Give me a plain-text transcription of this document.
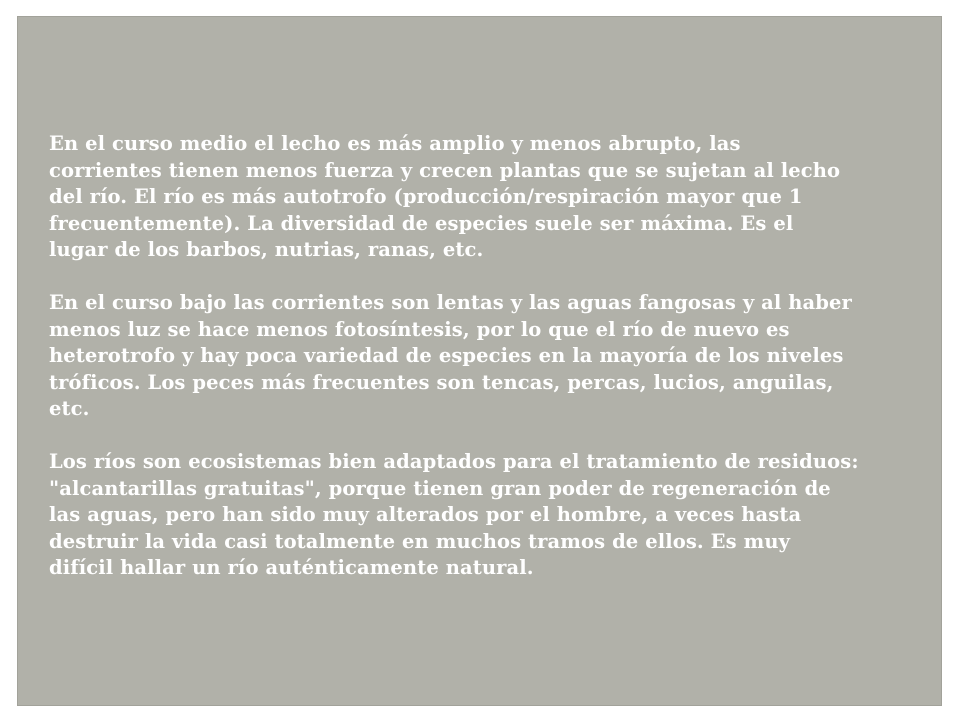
En el curso medio el lecho es más amplio y menos abrupto, las
corrientes tienen menos fuerza y crecen plantas que se sujetan al lecho
del río. El río es más autotrofo (producción/respiración mayor que 1
frecuentemente). La diversidad de especies suele ser máxima. Es el
lugar de los barbos, nutrias, ranas, etc.

En el curso bajo las corrientes son lentas y las aguas fangosas y al haber
menos luz se hace menos fotosíntesis, por lo que el río de nuevo es
heterotrofo y hay poca variedad de especies en la mayoría de los niveles
tróficos. Los peces más frecuentes son tencas, percas, lucios, anguilas,
etc.

Los ríos son ecosistemas bien adaptados para el tratamiento de residuos:
"alcantarillas gratuitas", porque tienen gran poder de regeneración de
las aguas, pero han sido muy alterados por el hombre, a veces hasta
destruir la vida casi totalmente en muchos tramos de ellos. Es muy
difícil hallar un río auténticamente natural.
